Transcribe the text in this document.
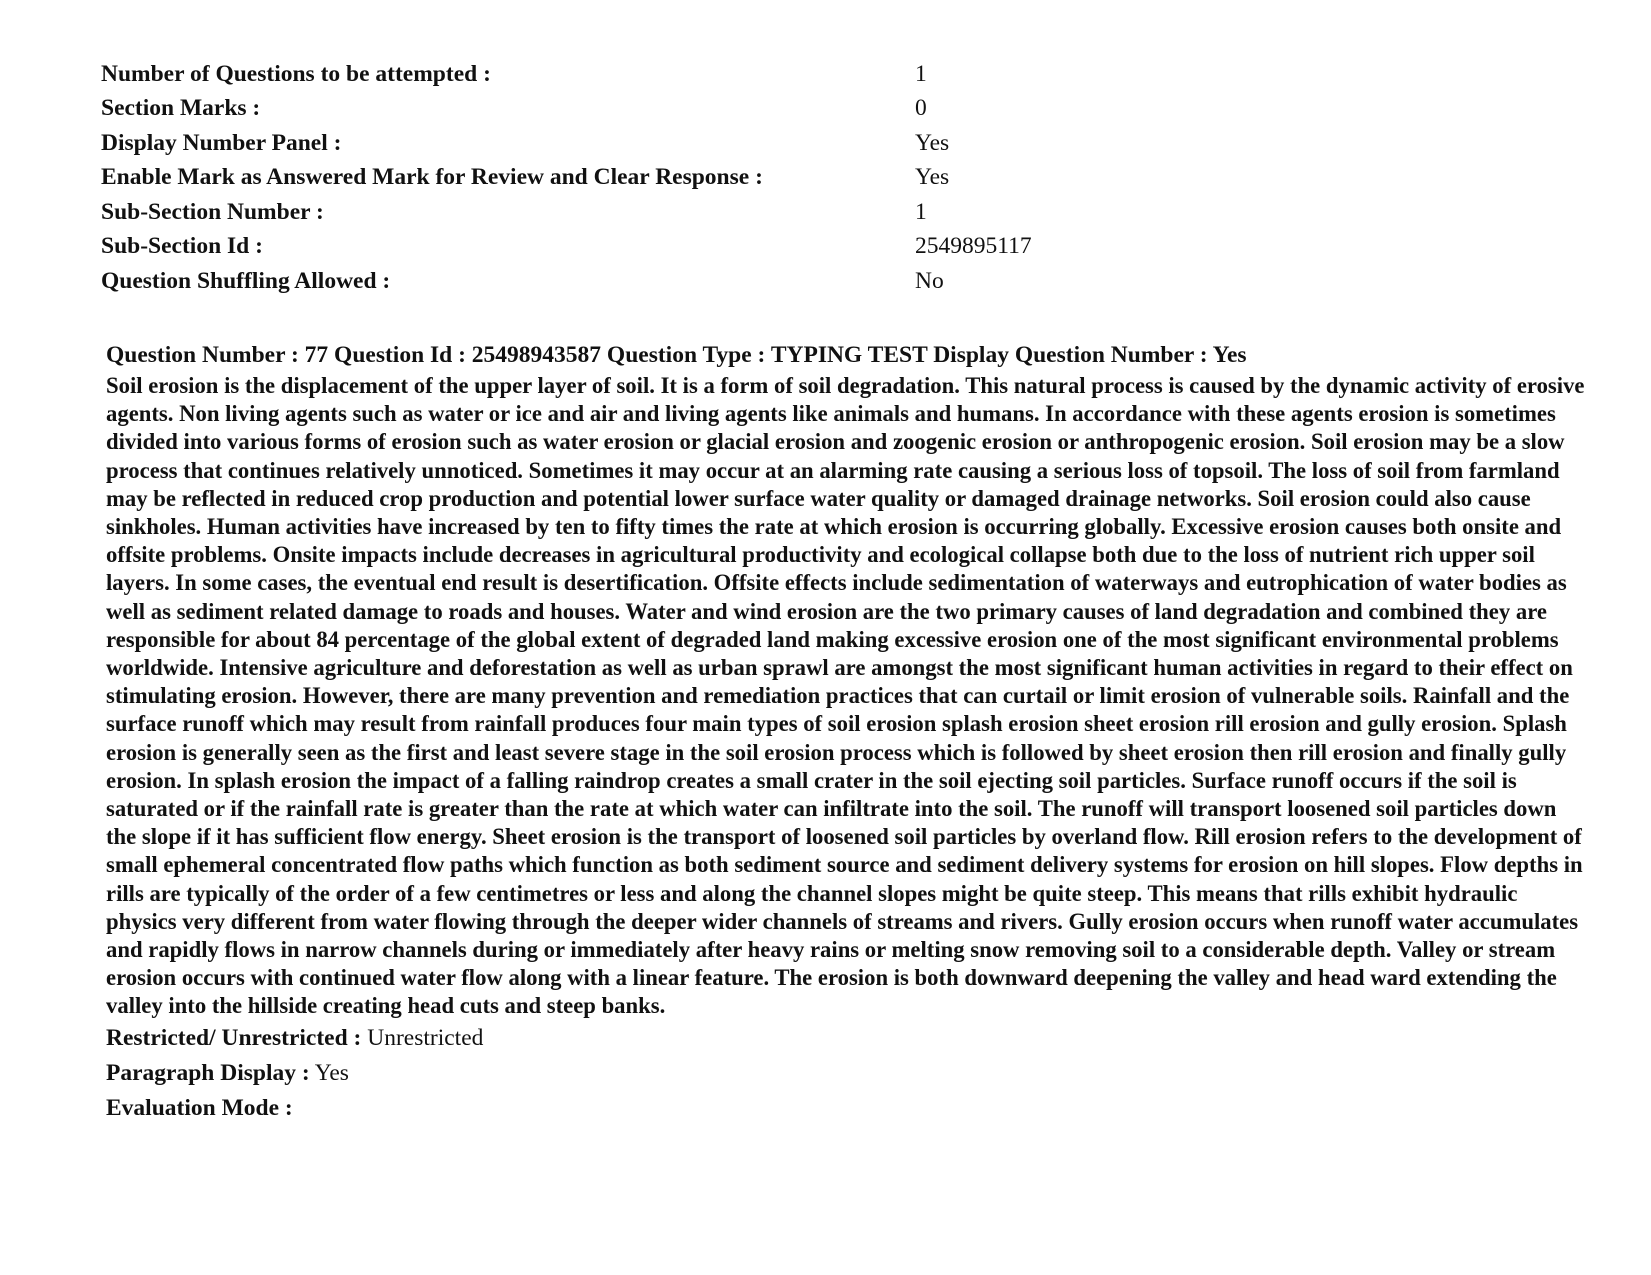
Number of Questions to be attempted :	1
Section Marks :	0
Display Number Panel :	Yes
Enable Mark as Answered Mark for Review and Clear Response :	Yes
Sub-Section Number :	1
Sub-Section Id :	2549895117
Question Shuffling Allowed :	No
Question Number : 77 Question Id : 25498943587 Question Type : TYPING TEST Display Question Number : Yes

Soil erosion is the displacement of the upper layer of soil. It is a form of soil degradation. This natural process is caused by the dynamic activity of erosive agents. Non living agents such as water or ice and air and living agents like animals and humans. In accordance with these agents erosion is sometimes divided into various forms of erosion such as water erosion or glacial erosion and zoogenic erosion or anthropogenic erosion. Soil erosion may be a slow process that continues relatively unnoticed. Sometimes it may occur at an alarming rate causing a serious loss of topsoil. The loss of soil from farmland may be reflected in reduced crop production and potential lower surface water quality or damaged drainage networks. Soil erosion could also cause sinkholes. Human activities have increased by ten to fifty times the rate at which erosion is occurring globally. Excessive erosion causes both onsite and offsite problems. Onsite impacts include decreases in agricultural productivity and ecological collapse both due to the loss of nutrient rich upper soil layers. In some cases, the eventual end result is desertification. Offsite effects include sedimentation of waterways and eutrophication of water bodies as well as sediment related damage to roads and houses. Water and wind erosion are the two primary causes of land degradation and combined they are responsible for about 84 percentage of the global extent of degraded land making excessive erosion one of the most significant environmental problems worldwide. Intensive agriculture and deforestation as well as urban sprawl are amongst the most significant human activities in regard to their effect on stimulating erosion. However, there are many prevention and remediation practices that can curtail or limit erosion of vulnerable soils. Rainfall and the surface runoff which may result from rainfall produces four main types of soil erosion splash erosion sheet erosion rill erosion and gully erosion. Splash erosion is generally seen as the first and least severe stage in the soil erosion process which is followed by sheet erosion then rill erosion and finally gully erosion. In splash erosion the impact of a falling raindrop creates a small crater in the soil ejecting soil particles. Surface runoff occurs if the soil is saturated or if the rainfall rate is greater than the rate at which water can infiltrate into the soil. The runoff will transport loosened soil particles down the slope if it has sufficient flow energy. Sheet erosion is the transport of loosened soil particles by overland flow. Rill erosion refers to the development of small ephemeral concentrated flow paths which function as both sediment source and sediment delivery systems for erosion on hill slopes. Flow depths in rills are typically of the order of a few centimetres or less and along the channel slopes might be quite steep. This means that rills exhibit hydraulic physics very different from water flowing through the deeper wider channels of streams and rivers. Gully erosion occurs when runoff water accumulates and rapidly flows in narrow channels during or immediately after heavy rains or melting snow removing soil to a considerable depth. Valley or stream erosion occurs with continued water flow along with a linear feature. The erosion is both downward deepening the valley and head ward extending the valley into the hillside creating head cuts and steep banks.

Restricted/ Unrestricted : Unrestricted
Paragraph Display : Yes
Evaluation Mode :
